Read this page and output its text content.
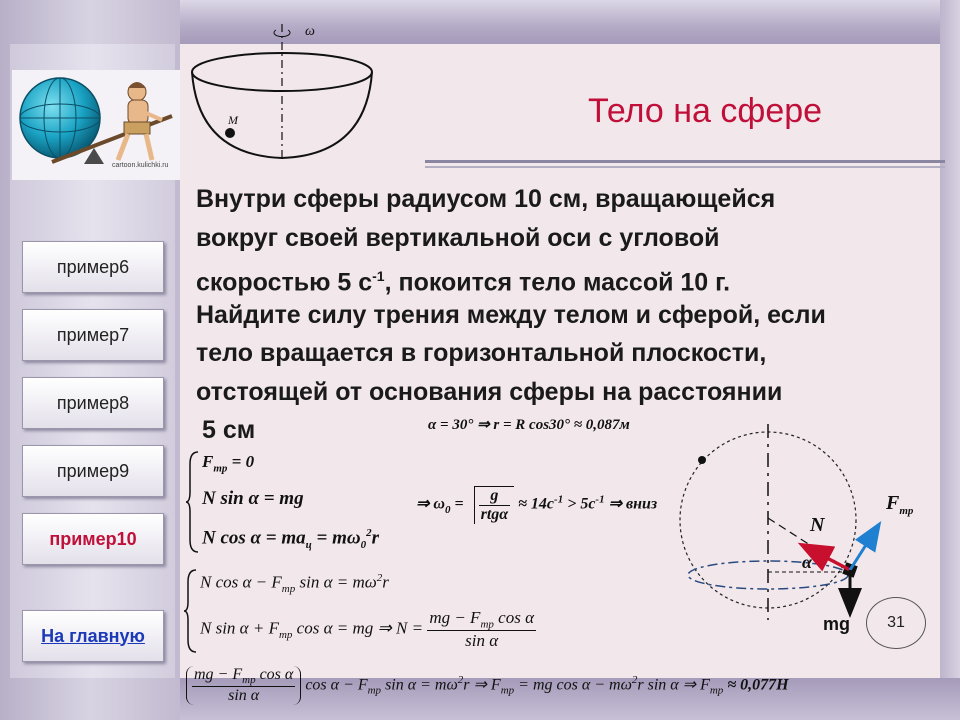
cartoon.kulichki.ru
ω
M	Тело на сфере
Внутри сферы радиусом 10 см, вращающейся
вокруг своей вертикальной оси с угловой
скоростью 5 $с^{-1}$, покоится тело массой 10 г.
Найдите силу трения между телом и сферой, если
тело вращается в горизонтальной плоскости,
отстоящей от основания сферы на расстоянии
5 см
пример6
пример7
пример8
пример9
пример10
На главную
α = 30° ⇒ r = R cos30° ≈ 0,087м
$F_{тр} = 0$
N sin α = mg
N $\cos \alpha = ma_ц = m\omega_0^2r$
⇒ $\omega_0 = \frac{g}{\text{rtgα}} \approx 14c^{-1} > 5c^{-1}$ ⇒ вниз
N $\cos \alpha - F_{тр}$ $\sin \alpha = m\omega^2r$
N $\sin \alpha + F_{тр}$ cos α = mg ⇒ $N = \frac{mg - F_{тр} \cos \alpha}{\text{sin α}}$
$\frac{mg - F_{тр} \cos \alpha}{\text{sin α}}$ $\cos \alpha - F_{тр}$ $\sin \alpha = m\omega^2r$ ⇒ $F_{тр}$ = mg $\cos \alpha - m\omega^2r$ sin α ⇒ $F_{тр} \approx 0,077H$
N
$F_{тр}$
α
mg	31
